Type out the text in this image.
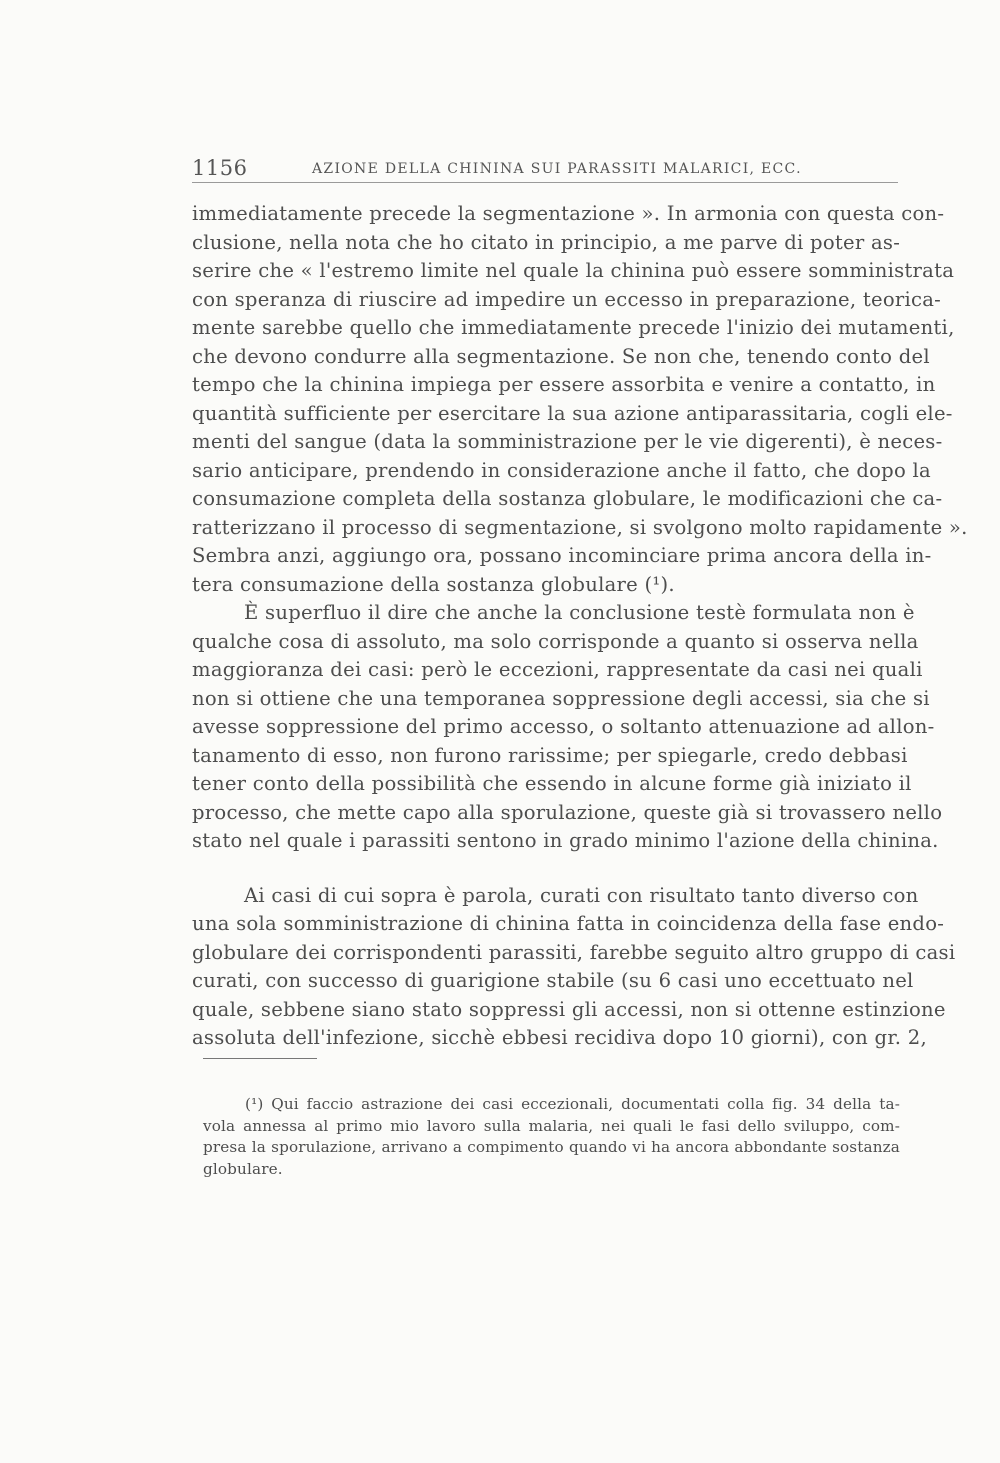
1156	AZIONE DELLA CHININA SUI PARASSITI MALARICI, ECC.
immediatamente precede la segmentazione ». In armonia con questa con-
clusione, nella nota che ho citato in principio, a me parve di poter as-
serire che « l'estremo limite nel quale la chinina può essere somministrata
con speranza di riuscire ad impedire un eccesso in preparazione, teorica-
mente sarebbe quello che immediatamente precede l'inizio dei mutamenti,
che devono condurre alla segmentazione. Se non che, tenendo conto del
tempo che la chinina impiega per essere assorbita e venire a contatto, in
quantità sufficiente per esercitare la sua azione antiparassitaria, cogli ele-
menti del sangue (data la somministrazione per le vie digerenti), è neces-
sario anticipare, prendendo in considerazione anche il fatto, che dopo la
consumazione completa della sostanza globulare, le modificazioni che ca-
ratterizzano il processo di segmentazione, si svolgono molto rapidamente ».
Sembra anzi, aggiungo ora, possano incominciare prima ancora della in-
tera consumazione della sostanza globulare (¹).
È superfluo il dire che anche la conclusione testè formulata non è
qualche cosa di assoluto, ma solo corrisponde a quanto si osserva nella
maggioranza dei casi: però le eccezioni, rappresentate da casi nei quali
non si ottiene che una temporanea soppressione degli accessi, sia che si
avesse soppressione del primo accesso, o soltanto attenuazione ad allon-
tanamento di esso, non furono rarissime; per spiegarle, credo debbasi
tener conto della possibilità che essendo in alcune forme già iniziato il
processo, che mette capo alla sporulazione, queste già si trovassero nello
stato nel quale i parassiti sentono in grado minimo l'azione della chinina.
Ai casi di cui sopra è parola, curati con risultato tanto diverso con
una sola somministrazione di chinina fatta in coincidenza della fase endo-
globulare dei corrispondenti parassiti, farebbe seguito altro gruppo di casi
curati, con successo di guarigione stabile (su 6 casi uno eccettuato nel
quale, sebbene siano stato soppressi gli accessi, non si ottenne estinzione
assoluta dell'infezione, sicchè ebbesi recidiva dopo 10 giorni), con gr. 2,
(¹) Qui faccio astrazione dei casi eccezionali, documentati colla fig. 34 della ta-
vola annessa al primo mio lavoro sulla malaria, nei quali le fasi dello sviluppo, com-
presa la sporulazione, arrivano a compimento quando vi ha ancora abbondante sostanza
globulare.
